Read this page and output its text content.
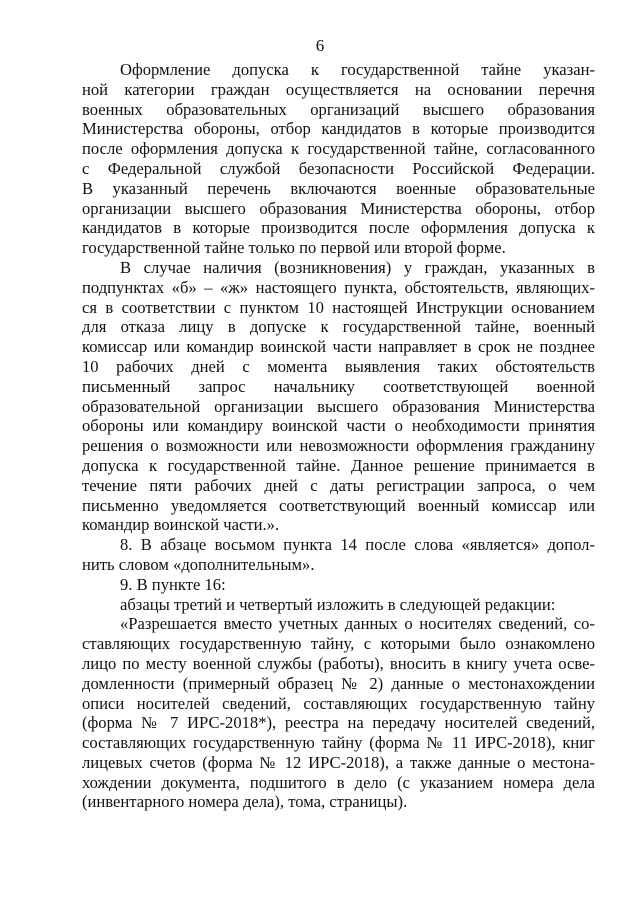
6
Оформление допуска к государственной тайне указан-
ной категории граждан осуществляется на основании перечня
военных образовательных организаций высшего образования
Министерства обороны, отбор кандидатов в которые производится
после оформления допуска к государственной тайне, согласованного
с Федеральной службой безопасности Российской Федерации.
В указанный перечень включаются военные образовательные
организации высшего образования Министерства обороны, отбор
кандидатов в которые производится после оформления допуска к
государственной тайне только по первой или второй форме.
В случае наличия (возникновения) у граждан, указанных в
подпунктах «б» – «ж» настоящего пункта, обстоятельств, являющих-
ся в соответствии с пунктом 10 настоящей Инструкции основанием
для отказа лицу в допуске к государственной тайне, военный
комиссар или командир воинской части направляет в срок не позднее
10 рабочих дней с момента выявления таких обстоятельств
письменный запрос начальнику соответствующей военной
образовательной организации высшего образования Министерства
обороны или командиру воинской части о необходимости принятия
решения о возможности или невозможности оформления гражданину
допуска к государственной тайне. Данное решение принимается в
течение пяти рабочих дней с даты регистрации запроса, о чем
письменно уведомляется соответствующий военный комиссар или
командир воинской части.».
8. В абзаце восьмом пункта 14 после слова «является» допол-
нить словом «дополнительным».
9. В пункте 16:
абзацы третий и четвертый изложить в следующей редакции:
«Разрешается вместо учетных данных о носителях сведений, со-
ставляющих государственную тайну, с которыми было ознакомлено
лицо по месту военной службы (работы), вносить в книгу учета осве-
домленности (примерный образец № 2) данные о местонахождении
описи носителей сведений, составляющих государственную тайну
(форма № 7 ИРС-2018*), реестра на передачу носителей сведений,
составляющих государственную тайну (форма № 11 ИРС-2018), книг
лицевых счетов (форма № 12 ИРС-2018), а также данные о местона-
хождении документа, подшитого в дело (с указанием номера дела
(инвентарного номера дела), тома, страницы).
